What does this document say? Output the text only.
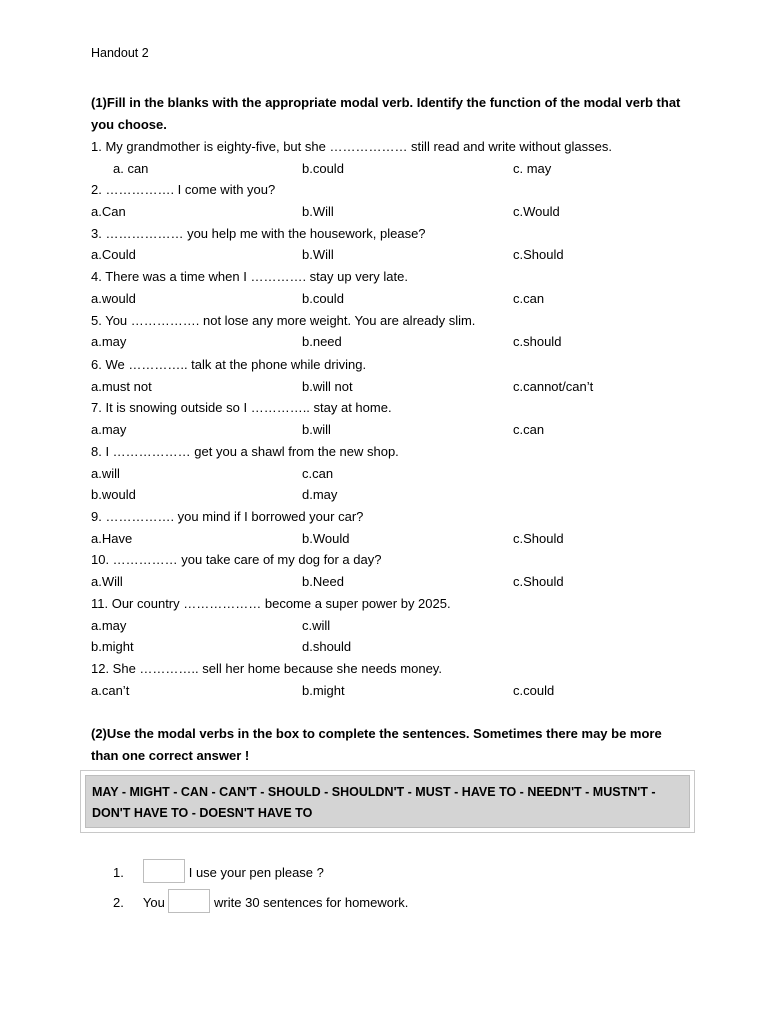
Handout 2
(1)Fill in the blanks with the appropriate modal verb. Identify the function of the modal verb that you choose.
1. My grandmother is eighty-five, but she ……………… still read and write without glasses.
a. can	b.could	c. may
2. ……………. I come with you?
a.Can	b.Will	c.Would
3. ……………… you help me with the housework, please?
a.Could	b.Will	c.Should
4. There was a time when I …………. stay up very late.
a.would	b.could	c.can
5. You ……………. not lose any more weight. You are already slim.
a.may	b.need	c.should
6. We ………….. talk at the phone while driving.
a.must not	b.will not	c.cannot/can’t
7. It is snowing outside so I ………….. stay at home.
a.may	b.will	c.can
8. I ……………… get you a shawl from the new shop.
a.will	c.can
b.would	d.may
9. ……………. you mind if I borrowed your car?
a.Have	b.Would	c.Should
10. …………… you take care of my dog for a day?
a.Will	b.Need	c.Should
11. Our country ……………… become a super power by 2025.
a.may	c.will
b.might	d.should
12. She ………….. sell her home because she needs money.
a.can’t	b.might	c.could
(2)Use the modal verbs in the box to complete the sentences. Sometimes there may be more than one correct answer !
MAY - MIGHT - CAN - CAN'T - SHOULD - SHOULDN'T - MUST - HAVE TO - NEEDN'T - MUSTN'T - DON'T HAVE TO - DOESN'T HAVE TO
1.	I use your pen please ?
2. You	write 30 sentences for homework.
